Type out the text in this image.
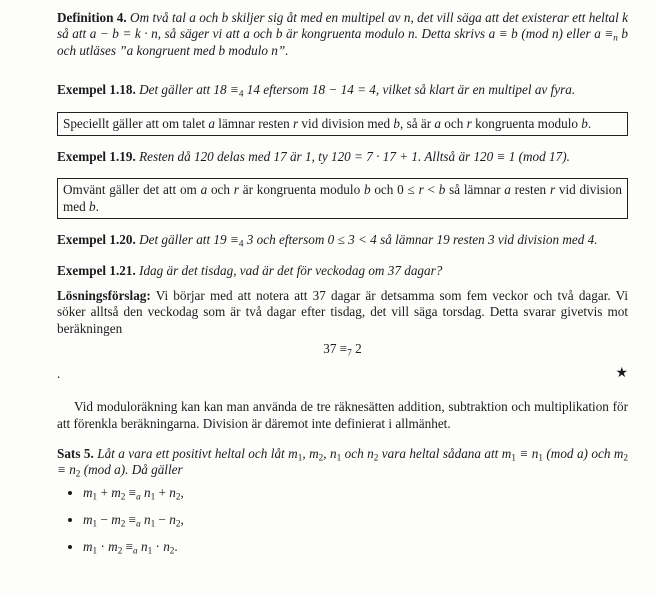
Definition 4. Om två tal a och b skiljer sig åt med en multipel av n, det vill säga att det existerar ett heltal k så att a − b = k · n, så säger vi att a och b är kongruenta modulo n. Detta skrivs a ≡ b (mod n) eller $a \equiv_n$ b och utläses ”a kongruent med b modulo n”.

Exempel 1.18. Det gäller att $18 \equiv_4$ 14 eftersom 18 − 14 = 4, vilket så klart är en multipel av fyra.

Speciellt gäller att om talet a lämnar resten r vid division med b, så är a och r kongruenta modulo b.

Exempel 1.19. Resten då 120 delas med 17 är 1, ty 120 = 7 · 17 + 1. Alltså är 120 ≡ 1 (mod 17).

Omvänt gäller det att om a och r är kongruenta modulo b och 0 ≤ r < b så lämnar a resten r vid division med b.

Exempel 1.20. Det gäller att $19 \equiv_4$ 3 och eftersom 0 ≤ 3 < 4 så lämnar 19 resten 3 vid division med 4.

Exempel 1.21. Idag är det tisdag, vad är det för veckodag om 37 dagar?

Lösningsförslag: Vi börjar med att notera att 37 dagar är detsamma som fem veckor och två dagar. Vi söker alltså den veckodag som är två dagar efter tisdag, det vill säga torsdag. Detta svarar givetvis mot beräkningen

$37 \equiv_7$ 2
.	★

Vid moduloräkning kan kan man använda de tre räknesätten addition, subtraktion och multiplikation för att förenkla beräkningarna. Division är däremot inte definierat i allmänhet.

Sats 5. Låt a vara ett positivt heltal och låt $m_1$, $m_2$, $n_1$ och $n_2$ vara heltal sådana att $m_1 \equiv n_1$ (mod a) och $m_2 \equiv n_2$ (mod a). Då gäller

• $m_1 + m_2 \equiv_a$ $n_1 + n_2$,
• $m_1 - m_2 \equiv_a$ $n_1 - n_2$,
• $m_1 \cdot m_2 \equiv_a$ $n_1 \cdot n_2$.
